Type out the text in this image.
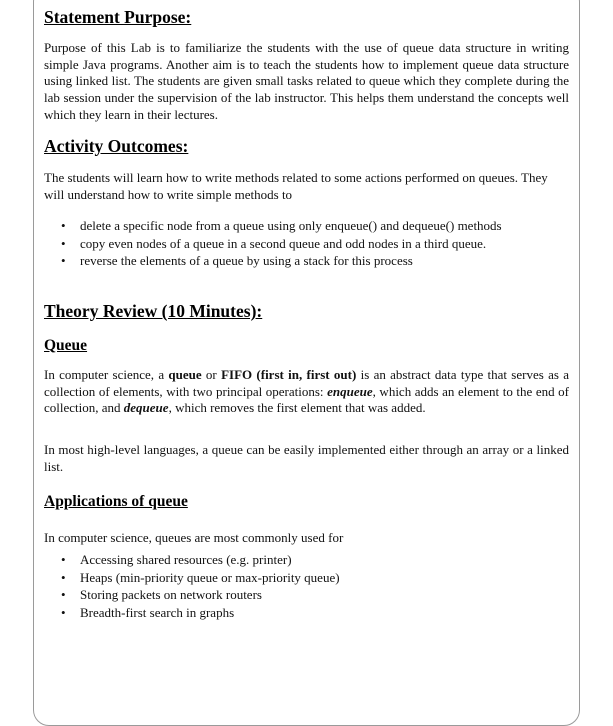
Statement Purpose:

Purpose of this Lab is to familiarize the students with the use of queue data structure in writing simple Java programs. Another aim is to teach the students how to implement queue data structure using linked list. The students are given small tasks related to queue which they complete during the lab session under the supervision of the lab instructor. This helps them understand the concepts well which they learn in their lectures.

Activity Outcomes:

The students will learn how to write methods related to some actions performed on queues. They will understand how to write simple methods to

• delete a specific node from a queue using only enqueue() and dequeue() methods
• copy even nodes of a queue in a second queue and odd nodes in a third queue.
• reverse the elements of a queue by using a stack for this process
Theory Review (10 Minutes):
Queue

In computer science, a queue or FIFO (first in, first out) is an abstract data type that serves as a collection of elements, with two principal operations: enqueue, which adds an element to the end of collection, and dequeue, which removes the first element that was added.

In most high-level languages, a queue can be easily implemented either through an array or a linked list.

Applications of queue

In computer science, queues are most commonly used for

• Accessing shared resources (e.g. printer)
• Heaps (min-priority queue or max-priority queue)
• Storing packets on network routers
• Breadth-first search in graphs
